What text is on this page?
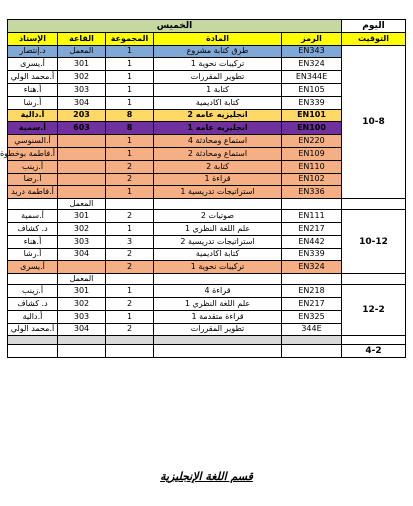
اليوم	الخميس				
التوقيت	الرمز	المادة	المجموعة	القاعة	الإستاذ
10-8	EN343	طرق كتابة مشروع	1	المعمل	د.إنتصار
	EN324	تركيبات نحوية 1	1	301	أ.يسرى
	EN344E	تطوير المقررات	1	302	أ.محمد الولي
	EN105	كتابة 1	1	303	أ.هناء
	EN339	كتابة اكاديمية	1	304	أ.رشا
	EN101	انجليزيه عامه 2	8	203	أ.دالية
	EN100	انجليزيه عامه 1	8	603	أ.سمية
	EN220	استماع ومحادثة 4	1		أ.السنوسي
	EN109	استماع ومحادثة 2	1		أ.فاطمة بوخطوة
	EN110	كتابة 2	2		أ.زينب
	EN102	قراءة 1	2		أ.رضا
	EN336	استراتيجات تدريسية 1	1		أ.فاطمة دريد
				المعمل	
10-12	EN111	صوتيات 2	2	301	أ.سمية
	EN217	علم اللغة النظري 1	1	302	د. كشاف
	EN442	استراتيجات تدريسية 2	3	303	أ.هناء
	EN339	كتابة اكاديمية	2	304	أ.رشا
	EN324	تركيبات نحوية 1	2		أ.يسرى
				المعمل	
12-2	EN218	قراءة 4	1	301	أ.زينب
	EN217	علم اللغة النظري 1	2	302	د. كشاف
	EN325	قراءة متقدمة 1	1	303	أ.دالية
	344E	تطوير المقررات	2	304	أ.محمد الولي

4-2					
قسم اللغة الإنجليزية
